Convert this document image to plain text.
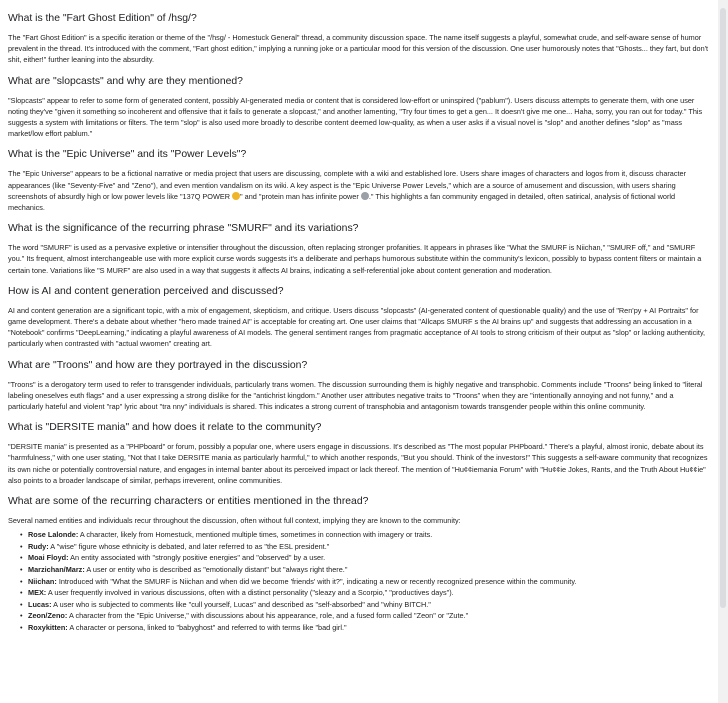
What is the "Fart Ghost Edition" of /hsg/?

The "Fart Ghost Edition" is a specific iteration or theme of the "/hsg/ - Homestuck General" thread, a community discussion space. The name itself suggests a playful, somewhat crude, and self-aware sense of humor prevalent in the thread. It's introduced with the comment, "Fart ghost edition," implying a running joke or a particular mood for this version of the discussion. One user humorously notes that "Ghosts... they fart, but don't shit, either!" further leaning into the absurdity.

What are "slopcasts" and why are they mentioned?

"Slopcasts" appear to refer to some form of generated content, possibly AI-generated media or content that is considered low-effort or uninspired ("pablum"). Users discuss attempts to generate them, with one user noting they've "given it something so incoherent and offensive that it fails to generate a slopcast," and another lamenting, "Try four times to get a gen... It doesn't give me one... Haha, sorry, you ran out for today." This suggests a system with limitations or filters. The term "slop" is also used more broadly to describe content deemed low-quality, as when a user asks if a visual novel is "slop" and another defines "slop" as "mass market/low effort pablum."

What is the "Epic Universe" and its "Power Levels"?

The "Epic Universe" appears to be a fictional narrative or media project that users are discussing, complete with a wiki and established lore. Users share images of characters and logos from it, discuss character appearances (like "Seventy-Five" and "Zeno"), and even mention vandalism on its wiki. A key aspect is the "Epic Universe Power Levels," which are a source of amusement and discussion, with users sharing screenshots of absurdly high or low power levels like "137Q POWER " and "protein man has infinite power ." This highlights a fan community engaged in detailed, often satirical, analysis of fictional world mechanics.

What is the significance of the recurring phrase "SMURF" and its variations?

The word "SMURF" is used as a pervasive expletive or intensifier throughout the discussion, often replacing stronger profanities. It appears in phrases like "What the SMURF is Niichan," "SMURF off," and "SMURF you." Its frequent, almost interchangeable use with more explicit curse words suggests it's a deliberate and perhaps humorous substitute within the community's lexicon, possibly to bypass content filters or maintain a certain tone. Variations like "S MURF" are also used in a way that suggests it affects AI brains, indicating a self-referential joke about content generation and moderation.

How is AI and content generation perceived and discussed?

AI and content generation are a significant topic, with a mix of engagement, skepticism, and critique. Users discuss "slopcasts" (AI-generated content of questionable quality) and the use of "Ren'py + AI Portraits" for game development. There's a debate about whether "hero made trained AI" is acceptable for creating art. One user claims that "Allcaps SMURF s the AI brains up" and suggests that addressing an accusation in a "Notebook" confirms "DeepLearning," indicating a playful awareness of AI models. The general sentiment ranges from pragmatic acceptance of AI tools to strong criticism of their output as "slop" or lacking authenticity, particularly when contrasted with "actual wwomen" creating art.

What are "Troons" and how are they portrayed in the discussion?

"Troons" is a derogatory term used to refer to transgender individuals, particularly trans women. The discussion surrounding them is highly negative and transphobic. Comments include "Troons" being linked to "literal labeling oneselves euth flags" and a user expressing a strong dislike for the "antichrist kingdom." Another user attributes negative traits to "Troons" when they are "intentionally annoying and not funny," and a particularly hateful and violent "rap" lyric about "tra nny" individuals is shared. This indicates a strong current of transphobia and antagonism towards transgender people within this online community.

What is "DERSITE mania" and how does it relate to the community?

"DERSITE mania" is presented as a "PHPboard" or forum, possibly a popular one, where users engage in discussions. It's described as "The most popular PHPboard." There's a playful, almost ironic, debate about its "harmfulness," with one user stating, "Not that I take DERSITE mania as particularly harmful," to which another responds, "But you should. Think of the investors!" This suggests a self-aware community that recognizes its own niche or potentially controversial nature, and engages in internal banter about its perceived impact or lack thereof. The mention of "Hu¢¢iemania Forum" with "Hu¢¢ie Jokes, Rants, and the Truth About Hu¢¢ie" also points to a broader landscape of similar, perhaps irreverent, online communities.

What are some of the recurring characters or entities mentioned in the thread?

Several named entities and individuals recur throughout the discussion, often without full context, implying they are known to the community:

• Rose Lalonde: A character, likely from Homestuck, mentioned multiple times, sometimes in connection with imagery or traits.
• Rudy: A "wise" figure whose ethnicity is debated, and later referred to as "the ESL president."
• Moai Floyd: An entity associated with "strongly positive energies" and "observed" by a user.
• Marzichan/Marz: A user or entity who is described as "emotionally distant" but "always right there."
• Niichan: Introduced with "What the SMURF is Niichan and when did we become 'friends' with it?", indicating a new or recently recognized presence within the community.
• MEX: A user frequently involved in various discussions, often with a distinct personality ("sleazy and a Scorpio," "productives days").
• Lucas: A user who is subjected to comments like "cull yourself, Lucas" and described as "self-absorbed" and "whiny BITCH."
• Zeon/Zeno: A character from the "Epic Universe," with discussions about his appearance, role, and a fused form called "Zeon" or "Zute."
• Roxykitten: A character or persona, linked to "babyghost" and referred to with terms like "bad girl."
